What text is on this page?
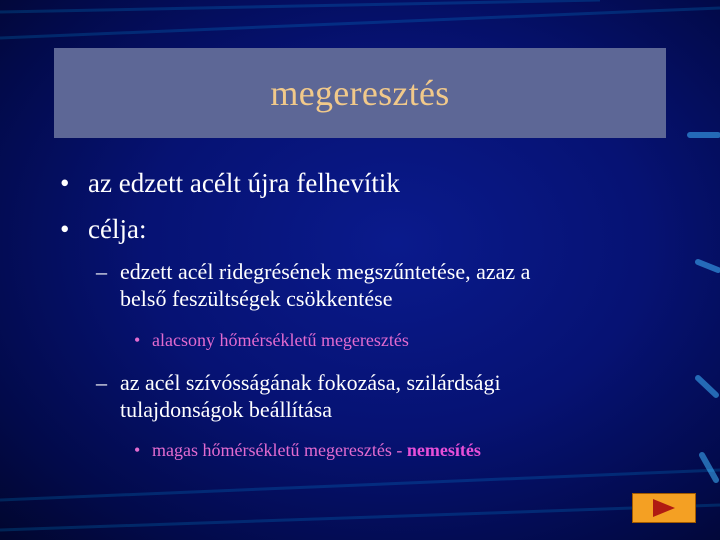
megeresztés
• az edzett acélt újra felhevítik
• célja:
– edzett acél ridegrésének megszűntetése, azaz a
belső feszültségek csökkentése
• alacsony hőmérsékletű megeresztés
– az acél szívósságának fokozása, szilárdsági
tulajdonságok beállítása
• magas hőmérsékletű megeresztés - nemesítés
